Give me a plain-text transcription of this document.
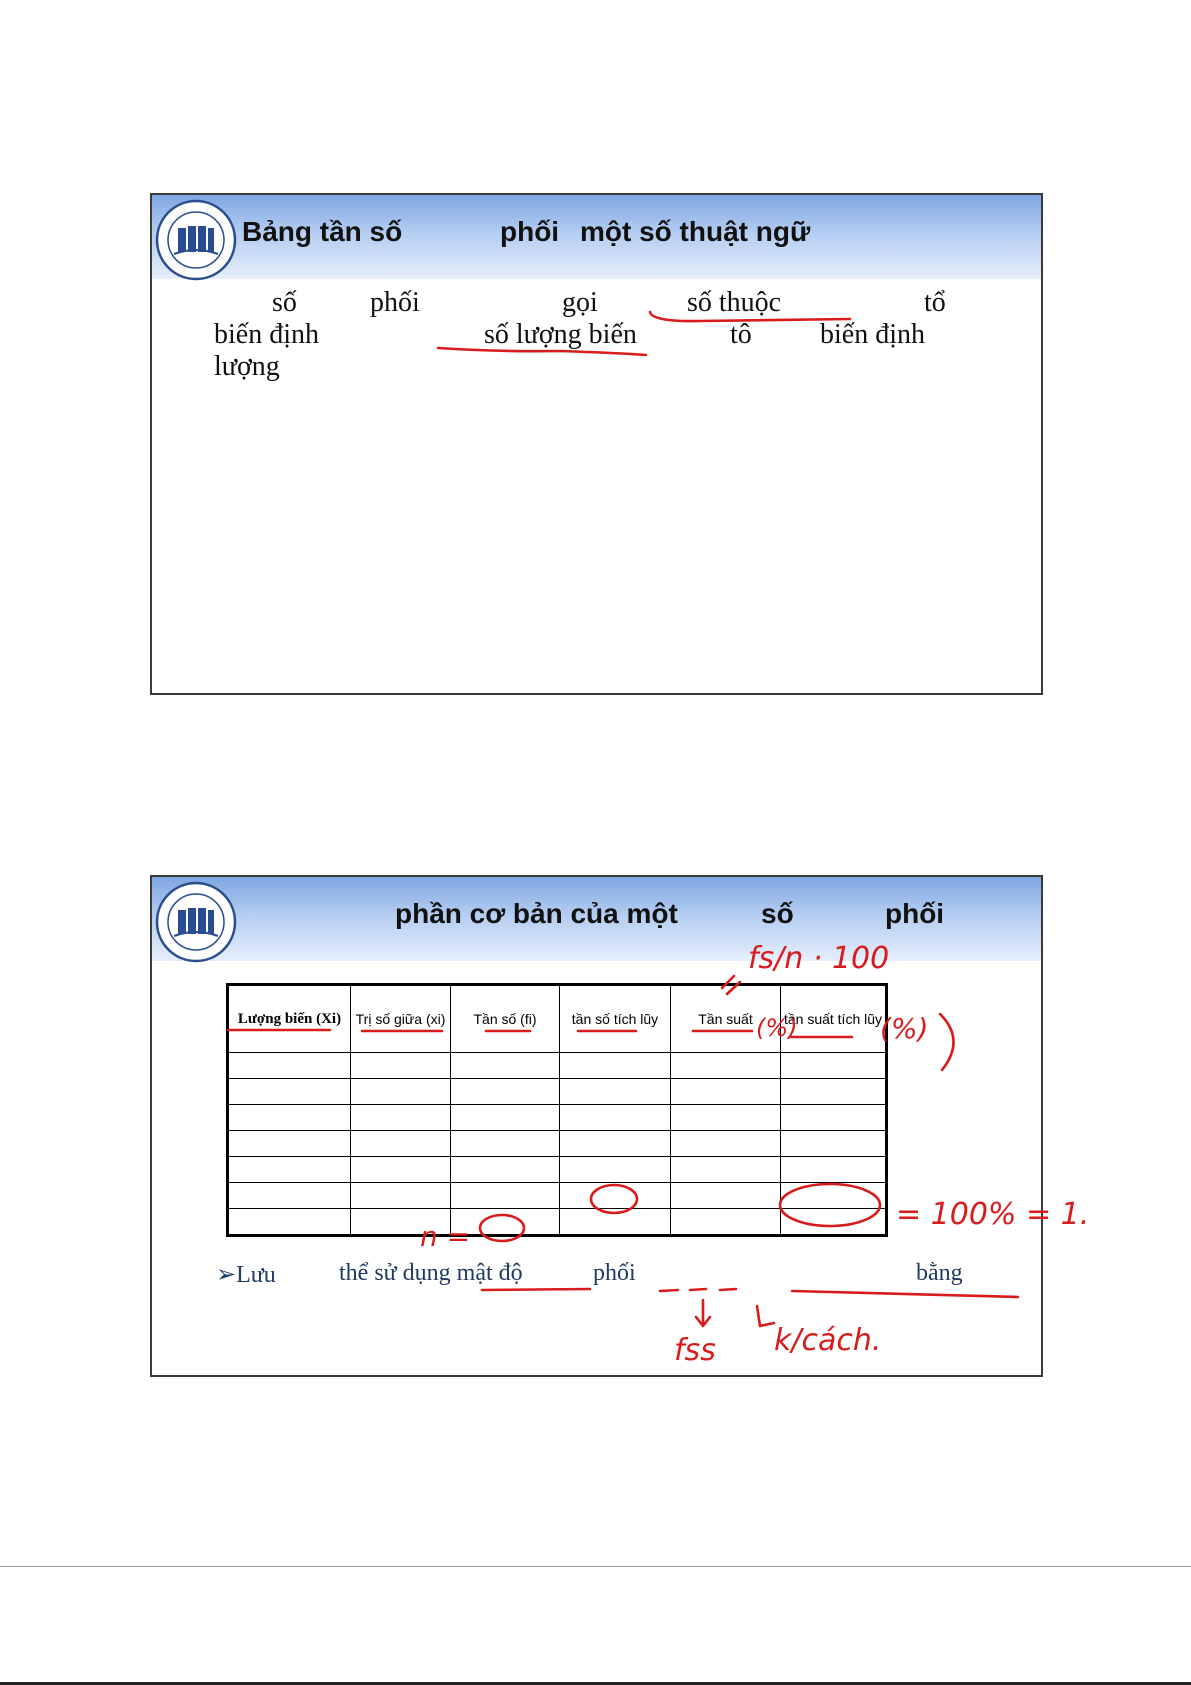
Bảng tần số	phối một số thuật ngữ
số	phối	gọi	số thuộc	tổ
biến định	số lượng biến	tô biến định
lượng
phần cơ bản của một	số	phối
Lượng biến (Xi)	Trị số giữa (xi)	Tần số (fi)	tần số tích lũy	Tần suất	tần suất tích lũy

➢Lưu	thể sử dụng mật độ	phối	bằng
fs/n · 100
(%)	(%)
= 100% = 1.
n =
fss k/cách.
